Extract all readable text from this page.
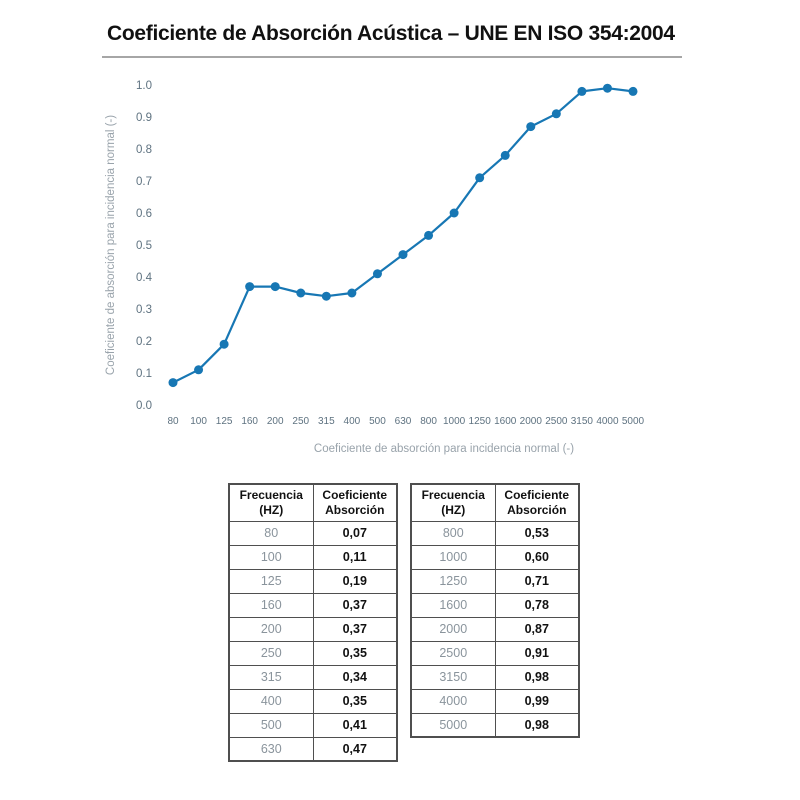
Coeficiente de Absorción Acústica – UNE EN ISO 354:2004
0.0
0.1
0.2
0.3
0.4
0.5
0.6
0.7
0.8
0.9
1.0
80 100 125 160 200 250 315 400 500 630 800 1000 1250 1600 2000 2500 3150 4000 5000
Coeficiente de absorción para incidencia normal (-)
Coeficiente de absorción para incidencia normal (-)
Frecuencia (HZ)	Coeficiente Absorción
80	0,07
100	0,11
125	0,19
160	0,37
200	0,37
250	0,35
315	0,34
400	0,35
500	0,41
630	0,47
Frecuencia (HZ)	Coeficiente Absorción
800	0,53
1000	0,60
1250	0,71
1600	0,78
2000	0,87
2500	0,91
3150	0,98
4000	0,99
5000	0,98
